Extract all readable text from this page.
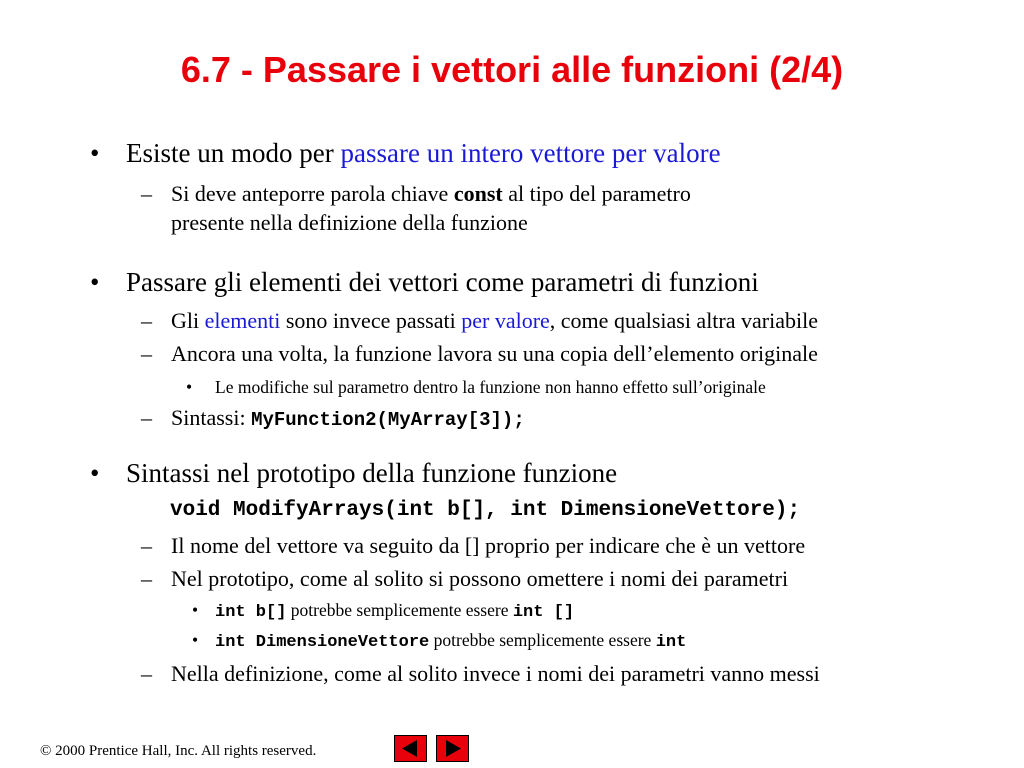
6.7 - Passare i vettori alle funzioni (2/4)
• Esiste un modo per passare un intero vettore per valore
– Si deve anteporre parola chiave const al tipo del parametro
presente nella definizione della funzione
• Passare gli elementi dei vettori come parametri di funzioni
– Gli elementi sono invece passati per valore, come qualsiasi altra variabile
– Ancora una volta, la funzione lavora su una copia dell’elemento originale
• Le modifiche sul parametro dentro la funzione non hanno effetto sull’originale
– Sintassi: MyFunction2(MyArray[3]);
• Sintassi nel prototipo della funzione funzione
void ModifyArrays(int b[], int DimensioneVettore);
– Il nome del vettore va seguito da [] proprio per indicare che è un vettore
– Nel prototipo, come al solito si possono omettere i nomi dei parametri
• int b[] potrebbe semplicemente essere int []
• int DimensioneVettore potrebbe semplicemente essere int
– Nella definizione, come al solito invece i nomi dei parametri vanno messi
© 2000 Prentice Hall, Inc. All rights reserved.
